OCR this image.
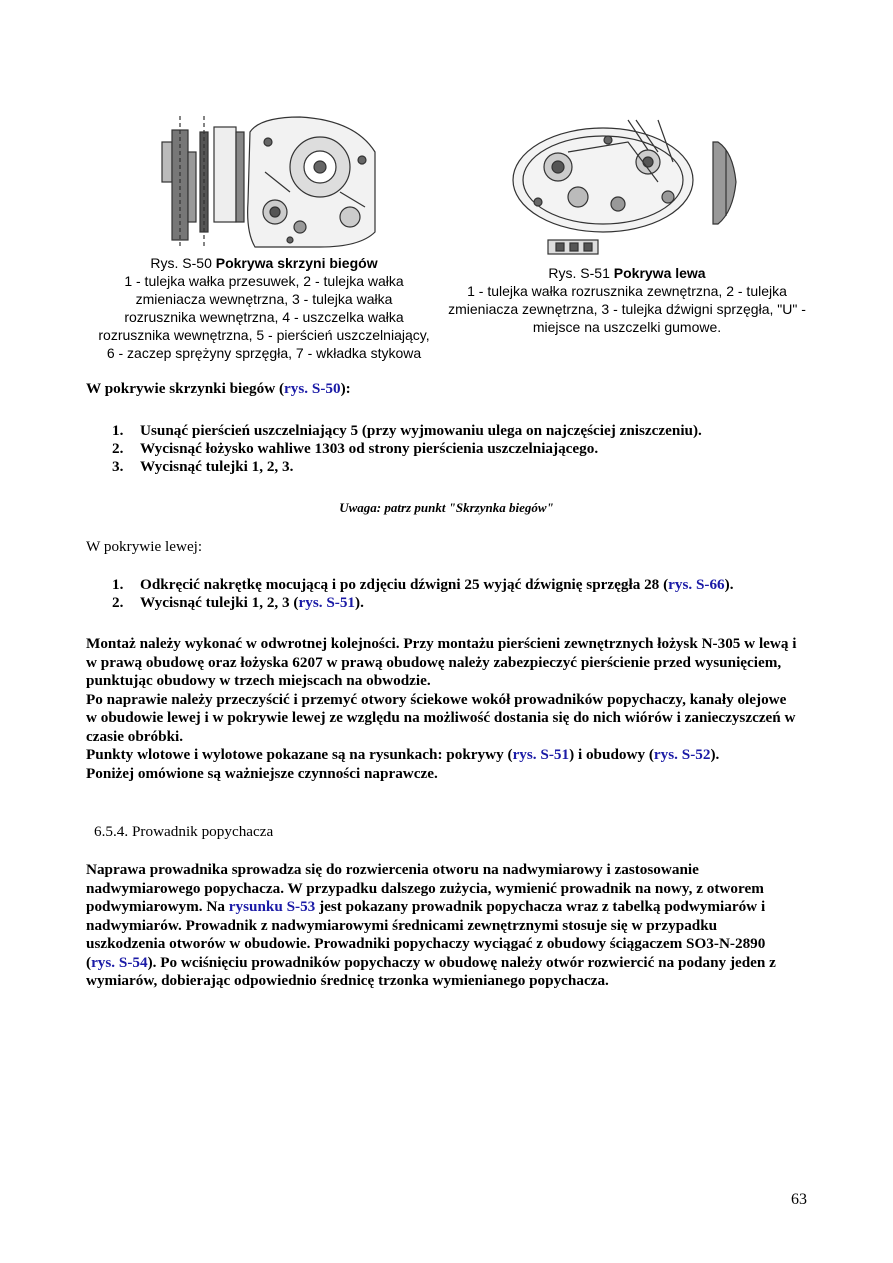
Rys. S-50 Pokrywa skrzyni biegów
1 - tulejka wałka przesuwek, 2 - tulejka wałka zmieniacza wewnętrzna, 3 - tulejka wałka rozrusznika wewnętrzna, 4 - uszczelka wałka rozrusznika wewnętrzna, 5 - pierścień uszczelniający, 6 - zaczep sprężyny sprzęgła, 7 - wkładka stykowa
Rys. S-51 Pokrywa lewa
1 - tulejka wałka rozrusznika zewnętrzna, 2 - tulejka zmieniacza zewnętrzna, 3 - tulejka dźwigni sprzęgła, "U" - miejsce na uszczelki gumowe.
W pokrywie skrzynki biegów (rys. S-50):
1.	Usunąć pierścień uszczelniający 5 (przy wyjmowaniu ulega on najczęściej zniszczeniu).
2.	Wycisnąć łożysko wahliwe 1303 od strony pierścienia uszczelniającego.
3.	Wycisnąć tulejki 1, 2, 3.
Uwaga: patrz punkt "Skrzynka biegów"
W pokrywie lewej:
1.	Odkręcić nakrętkę mocującą i po zdjęciu dźwigni 25 wyjąć dźwignię sprzęgła 28 (rys. S-66).
2.	Wycisnąć tulejki 1, 2, 3 (rys. S-51).
Montaż należy wykonać w odwrotnej kolejności. Przy montażu pierścieni zewnętrznych łożysk N-305 w lewą i w prawą obudowę oraz łożyska 6207 w prawą obudowę należy zabezpieczyć pierścienie przed wysunięciem, punktując obudowy w trzech miejscach na obwodzie.
Po naprawie należy przeczyścić i przemyć otwory ściekowe wokół prowadników popychaczy, kanały olejowe w obudowie lewej i w pokrywie lewej ze względu na możliwość dostania się do nich wiórów i zanieczyszczeń w czasie obróbki.
Punkty wlotowe i wylotowe pokazane są na rysunkach: pokrywy (rys. S-51) i obudowy (rys. S-52).
Poniżej omówione są ważniejsze czynności naprawcze.
6.5.4. Prowadnik popychacza
Naprawa prowadnika sprowadza się do rozwiercenia otworu na nadwymiarowy i zastosowanie nadwymiarowego popychacza. W przypadku dalszego zużycia, wymienić prowadnik na nowy, z otworem podwymiarowym. Na rysunku S-53 jest pokazany prowadnik popychacza wraz z tabelką podwymiarów i nadwymiarów. Prowadnik z nadwymiarowymi średnicami zewnętrznymi stosuje się w przypadku uszkodzenia otworów w obudowie. Prowadniki popychaczy wyciągać z obudowy ściągaczem SO3-N-2890 (rys. S-54). Po wciśnięciu prowadników popychaczy w obudowę należy otwór rozwiercić na podany jeden z wymiarów, dobierając odpowiednio średnicę trzonka wymienianego popychacza.
63
